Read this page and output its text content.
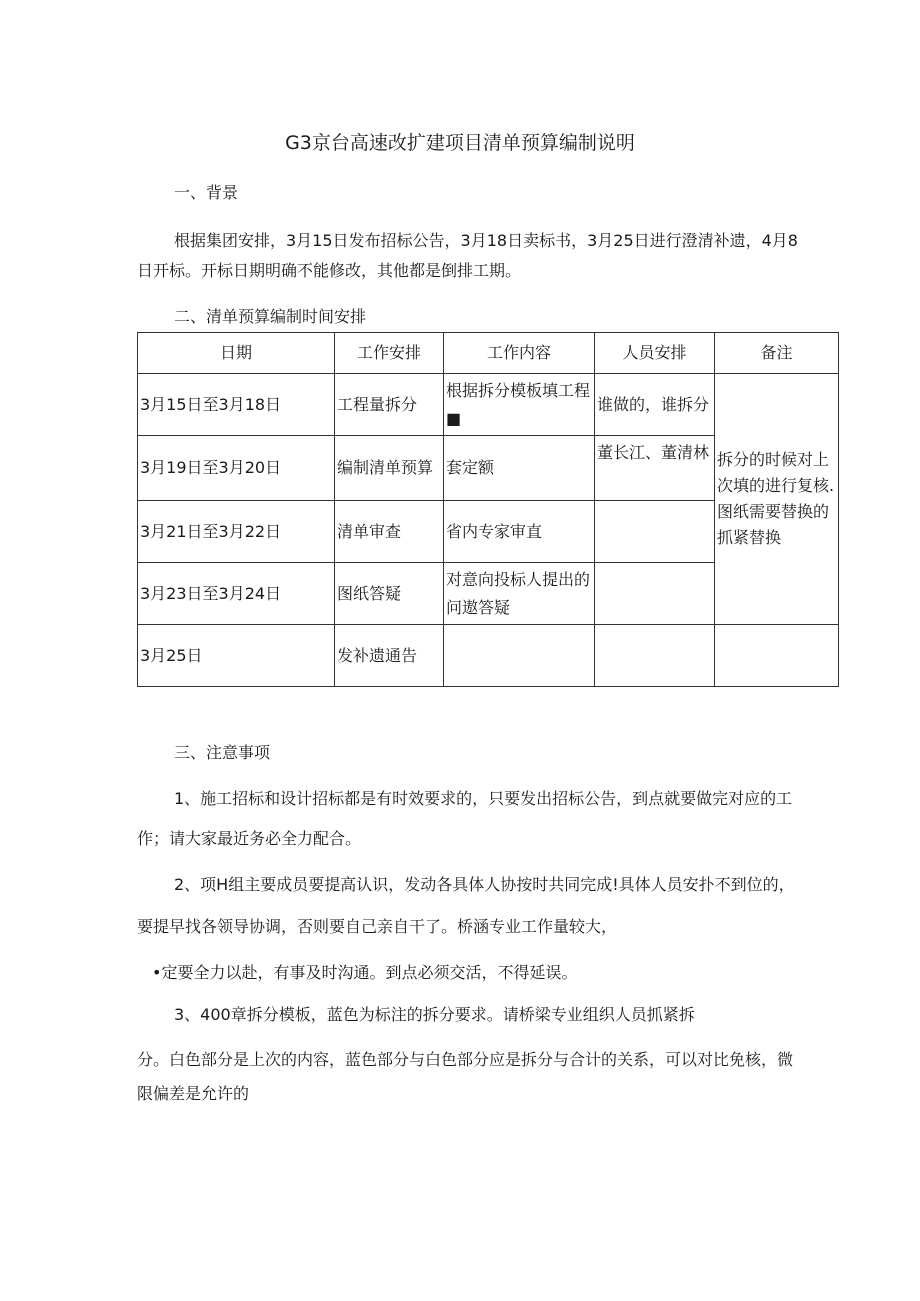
G3京台高速改扩建项目清单预算编制说明
一、背景
根据集团安排，3月15日发布招标公告，3月18日卖标书，3月25日进行澄清补遗，4月8
日开标。开标日期明确不能修改，其他都是倒排工期。
二、清单预算编制时间安排
日期	工作安排	工作内容	人员安排	备注
3月15日至3月18日	工程量拆分	根据拆分模板填工程■	谁做的，谁拆分	拆分的时候对上次填的进行复核.图纸需要替换的抓紧替换
3月19日至3月20日	编制清单预算	套定额	董长江、董清林	
3月21日至3月22日	清单审查	省内专家审直		
3月23日至3月24日	图纸答疑	对意向投标人提出的问遨答疑		
3月25日	发补遗通告			
三、注意事项
1、施工招标和设计招标都是有时效要求的，只要发出招标公告，到点就要做完对应的工
作；请大家最近务必全力配合。
2、项H组主要成员要提高认识，发动各具体人协按时共同完成!具体人员安扑不到位的，
要提早找各领导协调，否则要自己亲自干了。桥涵专业工作量较大，
•定要全力以赴，有事及时沟通。到点必须交活，不得延误。
3、400章拆分模板，蓝色为标注的拆分要求。请桥梁专业组织人员抓紧拆
分。白色部分是上次的内容，蓝色部分与白色部分应是拆分与合计的关系，可以对比免核，微
限偏差是允许的
